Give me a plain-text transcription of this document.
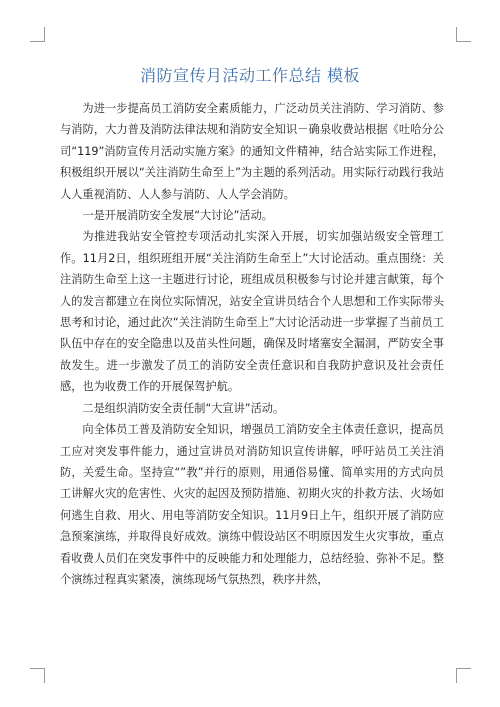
消防宣传月活动工作总结 模板

为进一步提高员工消防安全素质能力，广泛动员关注消防、学习消防、参与消防，大力普及消防法律法规和消防安全知识－确泉收费站根据《吐哈分公司“119”消防宣传月活动实施方案》的通知文件精神，结合站实际工作进程，积极组织开展以“关注消防生命至上”为主题的系列活动。用实际行动践行我站人人重视消防、人人参与消防、人人学会消防。

一是开展消防安全发展“大讨论”活动。

为推进我站安全管控专项活动扎实深入开展，切实加强站级安全管理工作。11月2日，组织班组开展“关注消防生命至上”大讨论活动。重点围绕：关注消防生命至上这一主题进行讨论，班组成员积极参与讨论并建言献策，每个人的发言都建立在岗位实际情况，站安全宣讲员结合个人思想和工作实际带头思考和讨论，通过此次“关注消防生命至上”大讨论活动进一步掌握了当前员工队伍中存在的安全隐患以及苗头性问题，确保及时堵塞安全漏洞，严防安全事故发生。进一步激发了员工的消防安全责任意识和自我防护意识及社会责任感，也为收费工作的开展保驾护航。

二是组织消防安全责任制“大宣讲”活动。

向全体员工普及消防安全知识，增强员工消防安全主体责任意识，提高员工应对突发事件能力，通过宣讲员对消防知识宣传讲解，呼吁站员工关注消防，关爱生命。坚持宣“”教”并行的原则，用通俗易懂、简单实用的方式向员工讲解火灾的危害性、火灾的起因及预防措施、初期火灾的扑救方法、火场如何逃生自救、用火、用电等消防安全知识。11月9日上午，组织开展了消防应急预案演练，并取得良好成效。演练中假设站区不明原因发生火灾事故，重点看收费人员们在突发事件中的反映能力和处理能力，总结经验、弥补不足。整个演练过程真实紧凑，演练现场气氛热烈，秩序井然，
